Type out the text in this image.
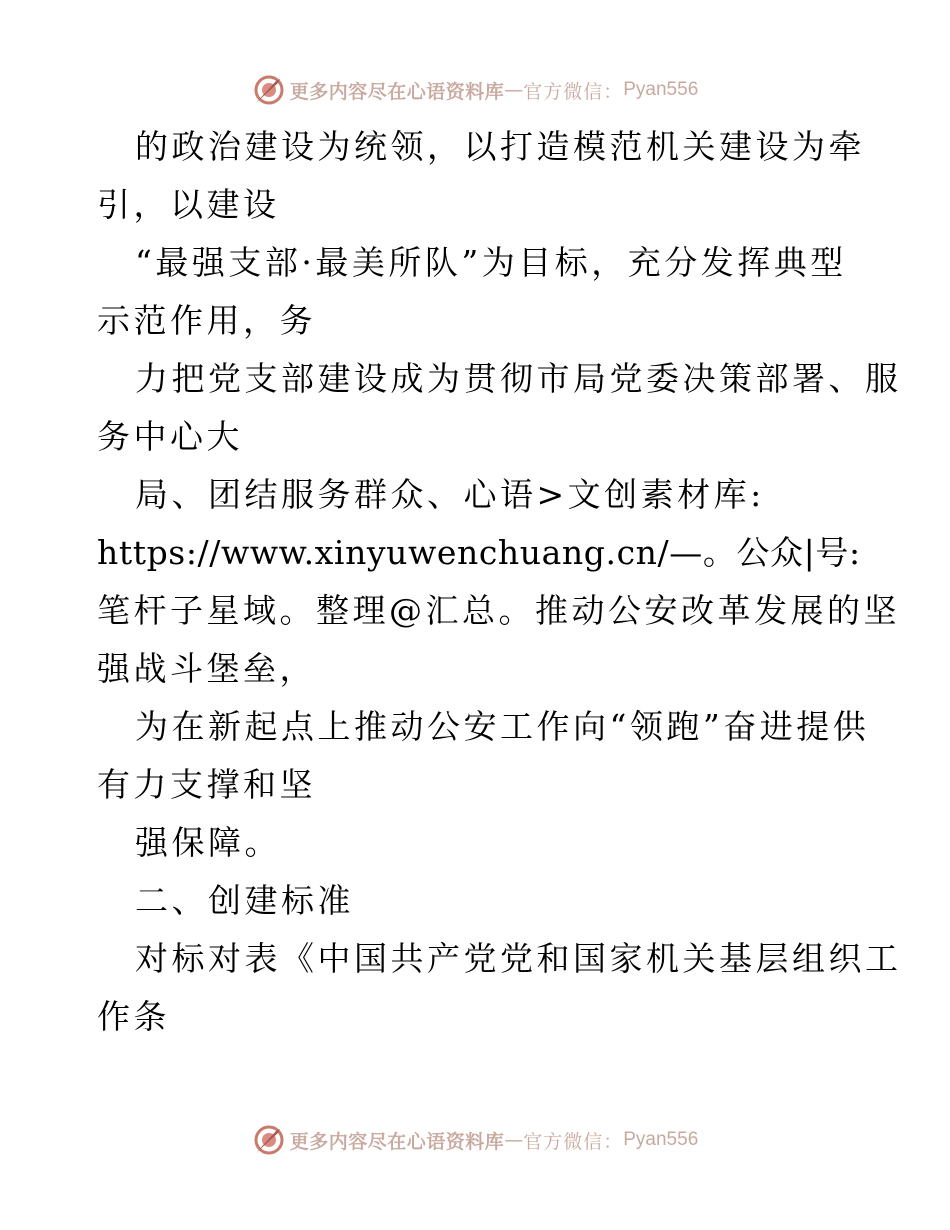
更多内容尽在心语资料库 — 官方微信： Pyan556
的政治建设为统领，以打造模范机关建设为牵
引，以建设
“最强支部·最美所队”为目标，充分发挥典型
示范作用，务
力把党支部建设成为贯彻市局党委决策部署、服
务中心大
局、团结服务群众、心语>文创素材库:
https://www.xinyuwenchuang.cn/—。公众|号:
笔杆子星域。整理@汇总。推动公安改革发展的坚
强战斗堡垒，
为在新起点上推动公安工作向“领跑”奋进提供
有力支撑和坚
强保障。
二、创建标准
对标对表《中国共产党党和国家机关基层组织工
作条
更多内容尽在心语资料库 — 官方微信： Pyan556
